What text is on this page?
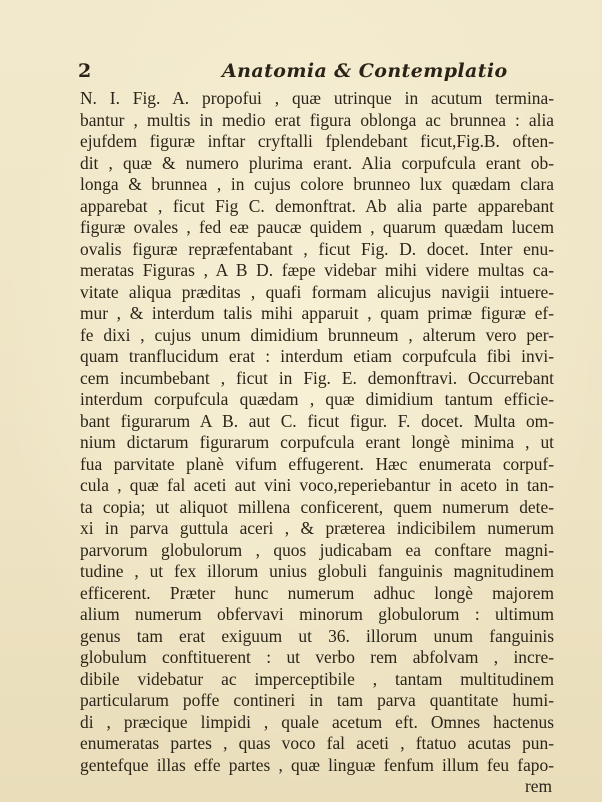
2	Anatomia & Contemplatio
N. I. Fig. A. propofui , quæ utrinque in acutum termina-
bantur , multis in medio erat figura oblonga ac brunnea : alia
ejufdem figuræ inftar cryftalli fplendebant ficut,Fig.B. often-
dit , quæ & numero plurima erant. Alia corpufcula erant ob-
longa & brunnea , in cujus colore brunneo lux quædam clara
apparebat , ficut Fig C. demonftrat. Ab alia parte apparebant
figuræ ovales , fed eæ paucæ quidem , quarum quædam lucem
ovalis figuræ repræfentabant , ficut Fig. D. docet. Inter enu-
meratas Figuras , A B D. fæpe videbar mihi videre multas ca-
vitate aliqua præditas , quafi formam alicujus navigii intuere-
mur , & interdum talis mihi apparuit , quam primæ figuræ ef-
fe dixi , cujus unum dimidium brunneum , alterum vero per-
quam tranflucidum erat : interdum etiam corpufcula fibi invi-
cem incumbebant , ficut in Fig. E. demonftravi. Occurrebant
interdum corpufcula quædam , quæ dimidium tantum efficie-
bant figurarum A B. aut C. ficut figur. F. docet. Multa om-
nium dictarum figurarum corpufcula erant longè minima , ut
fua parvitate planè vifum effugerent. Hæc enumerata corpuf-
cula , quæ fal aceti aut vini voco,reperiebantur in aceto in tan-
ta copia; ut aliquot millena conficerent, quem numerum dete-
xi in parva guttula aceri , & præterea indicibilem numerum
parvorum globulorum , quos judicabam ea conftare magni-
tudine , ut fex illorum unius globuli fanguinis magnitudinem
efficerent. Præter hunc numerum adhuc longè majorem
alium numerum obfervavi minorum globulorum : ultimum
genus tam erat exiguum ut 36. illorum unum fanguinis
globulum conftituerent : ut verbo rem abfolvam , incre-
dibile videbatur ac imperceptibile , tantam multitudinem
particularum poffe contineri in tam parva quantitate humi-
di , præcique limpidi , quale acetum eft. Omnes hactenus
enumeratas partes , quas voco fal aceti , ftatuo acutas pun-
gentefque illas effe partes , quæ linguæ fenfum illum feu fapo-
rem
